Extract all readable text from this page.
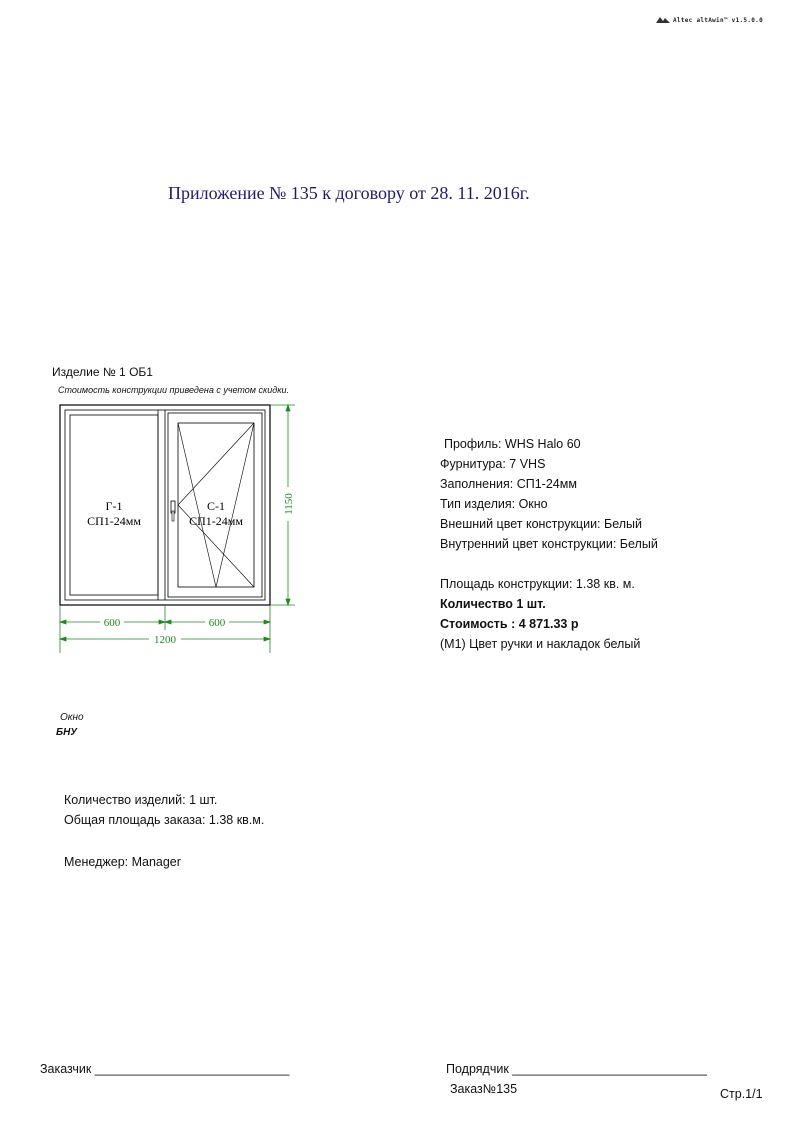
Altec altAwin™ v1.5.0.0
Приложение № 135 к договору от 28. 11. 2016г.
Изделие № 1 ОБ1
Стоимость конструкции приведена с учетом скидки.
Г-1
СП1-24мм
С-1
СП1-24мм
600	600
1200
1150
Профиль: WHS Halo 60
Фурнитура: 7 VHS
Заполнения: СП1-24мм
Тип изделия: Окно
Внешний цвет конструкции: Белый
Внутренний цвет конструкции: Белый
Площадь конструкции: 1.38 кв. м.
Количество 1 шт.
Стоимость : 4 871.33 р
(М1) Цвет ручки и накладок белый
Окно
БНУ
Количество изделий: 1 шт.
Общая площадь заказа: 1.38 кв.м.
Менеджер: Manager
Заказчик ____________________________	Подрядчик ____________________________
Заказ№135	Стр.1/1
